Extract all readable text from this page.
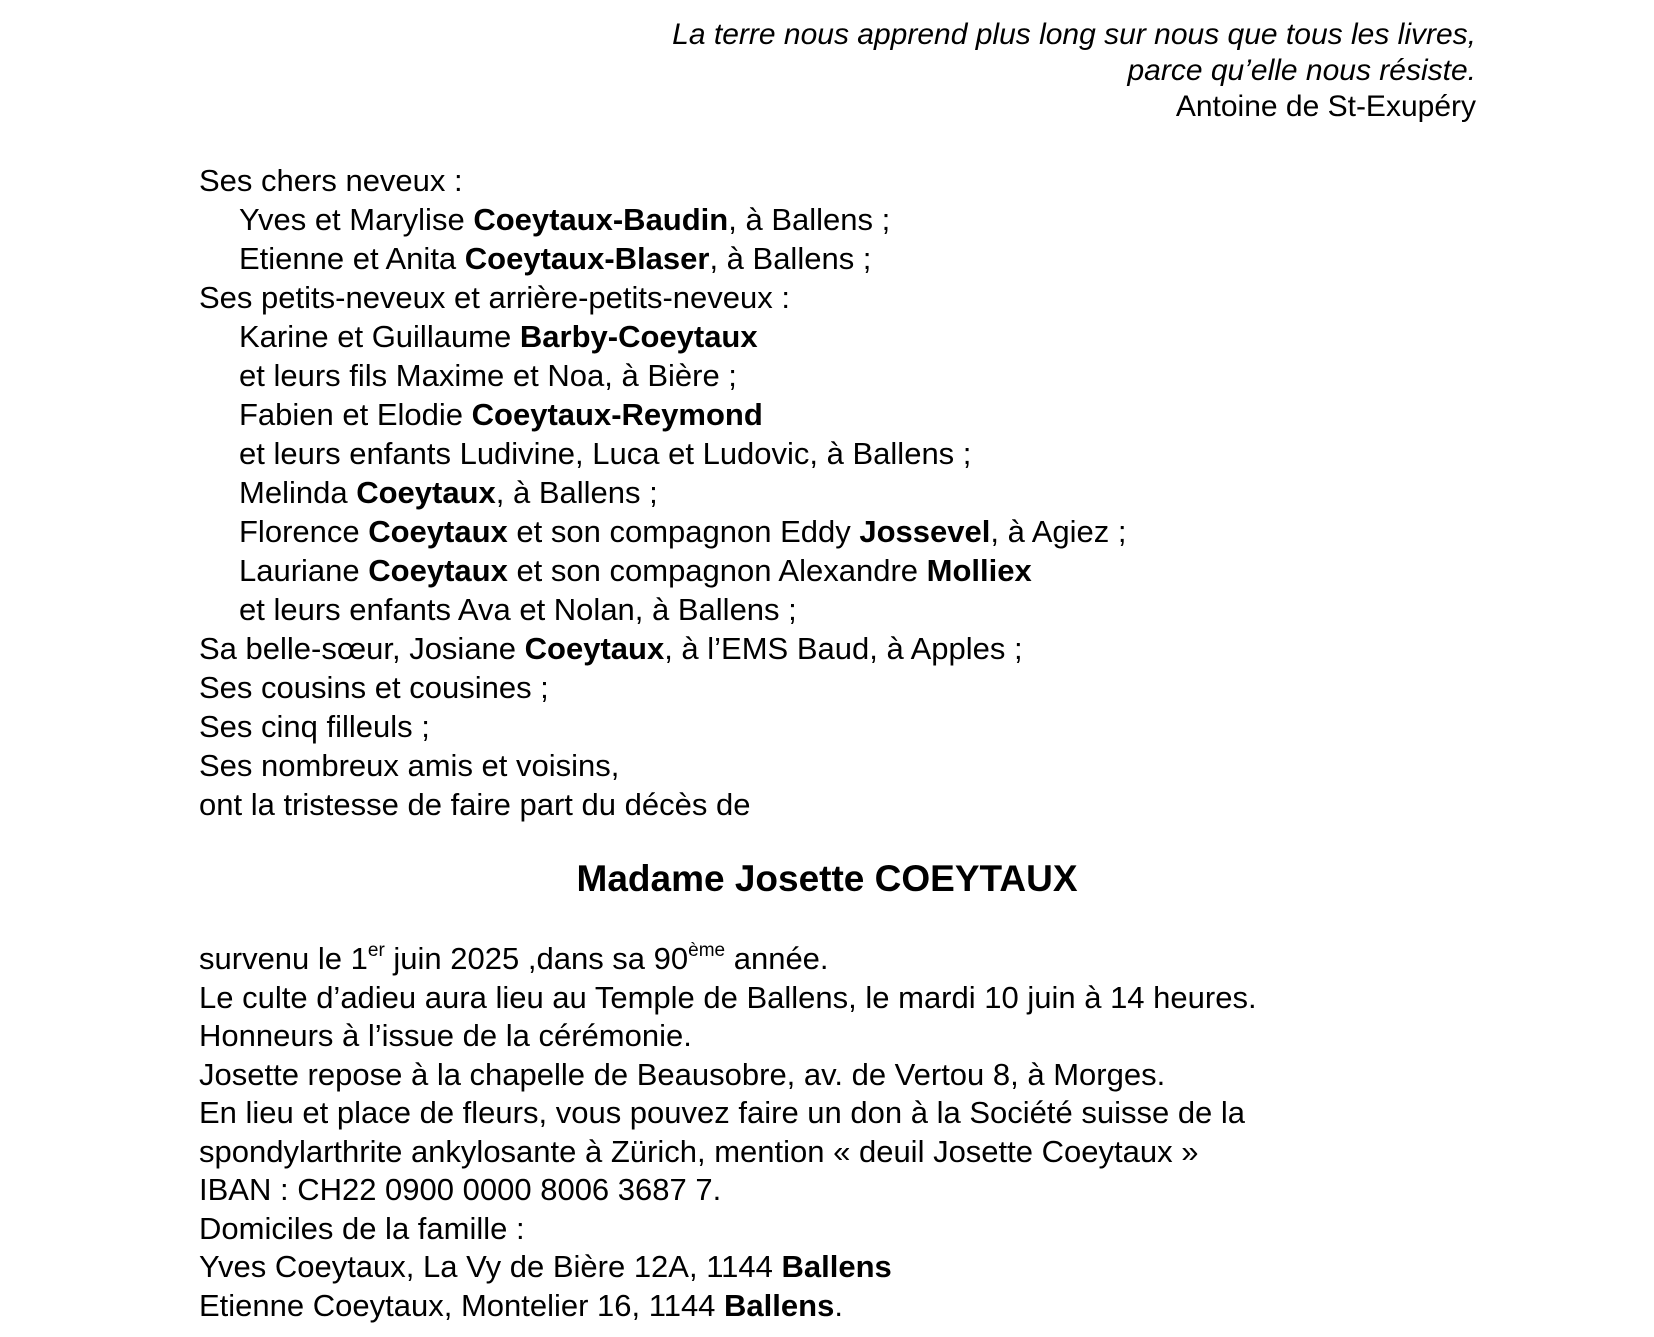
La terre nous apprend plus long sur nous que tous les livres,
parce qu’elle nous résiste.
Antoine de St-Exupéry
Ses chers neveux :
Yves et Marylise Coeytaux-Baudin, à Ballens ;
Etienne et Anita Coeytaux-Blaser, à Ballens ;
Ses petits-neveux et arrière-petits-neveux :
Karine et Guillaume Barby-Coeytaux
et leurs fils Maxime et Noa, à Bière ;
Fabien et Elodie Coeytaux-Reymond
et leurs enfants Ludivine, Luca et Ludovic, à Ballens ;
Melinda Coeytaux, à Ballens ;
Florence Coeytaux et son compagnon Eddy Jossevel, à Agiez ;
Lauriane Coeytaux et son compagnon Alexandre Molliex
et leurs enfants Ava et Nolan, à Ballens ;
Sa belle-sœur, Josiane Coeytaux, à l’EMS Baud, à Apples ;
Ses cousins et cousines ;
Ses cinq filleuls ;
Ses nombreux amis et voisins,
ont la tristesse de faire part du décès de
Madame Josette COEYTAUX
survenu le 1er juin 2025 ,dans sa 90ème année.
Le culte d’adieu aura lieu au Temple de Ballens, le mardi 10 juin à 14 heures.
Honneurs à l’issue de la cérémonie.
Josette repose à la chapelle de Beausobre, av. de Vertou 8, à Morges.
En lieu et place de fleurs, vous pouvez faire un don à la Société suisse de la
spondylarthrite ankylosante à Zürich, mention « deuil Josette Coeytaux »
IBAN : CH22 0900 0000 8006 3687 7.
Domiciles de la famille :
Yves Coeytaux, La Vy de Bière 12A, 1144 Ballens
Etienne Coeytaux, Montelier 16, 1144 Ballens.
